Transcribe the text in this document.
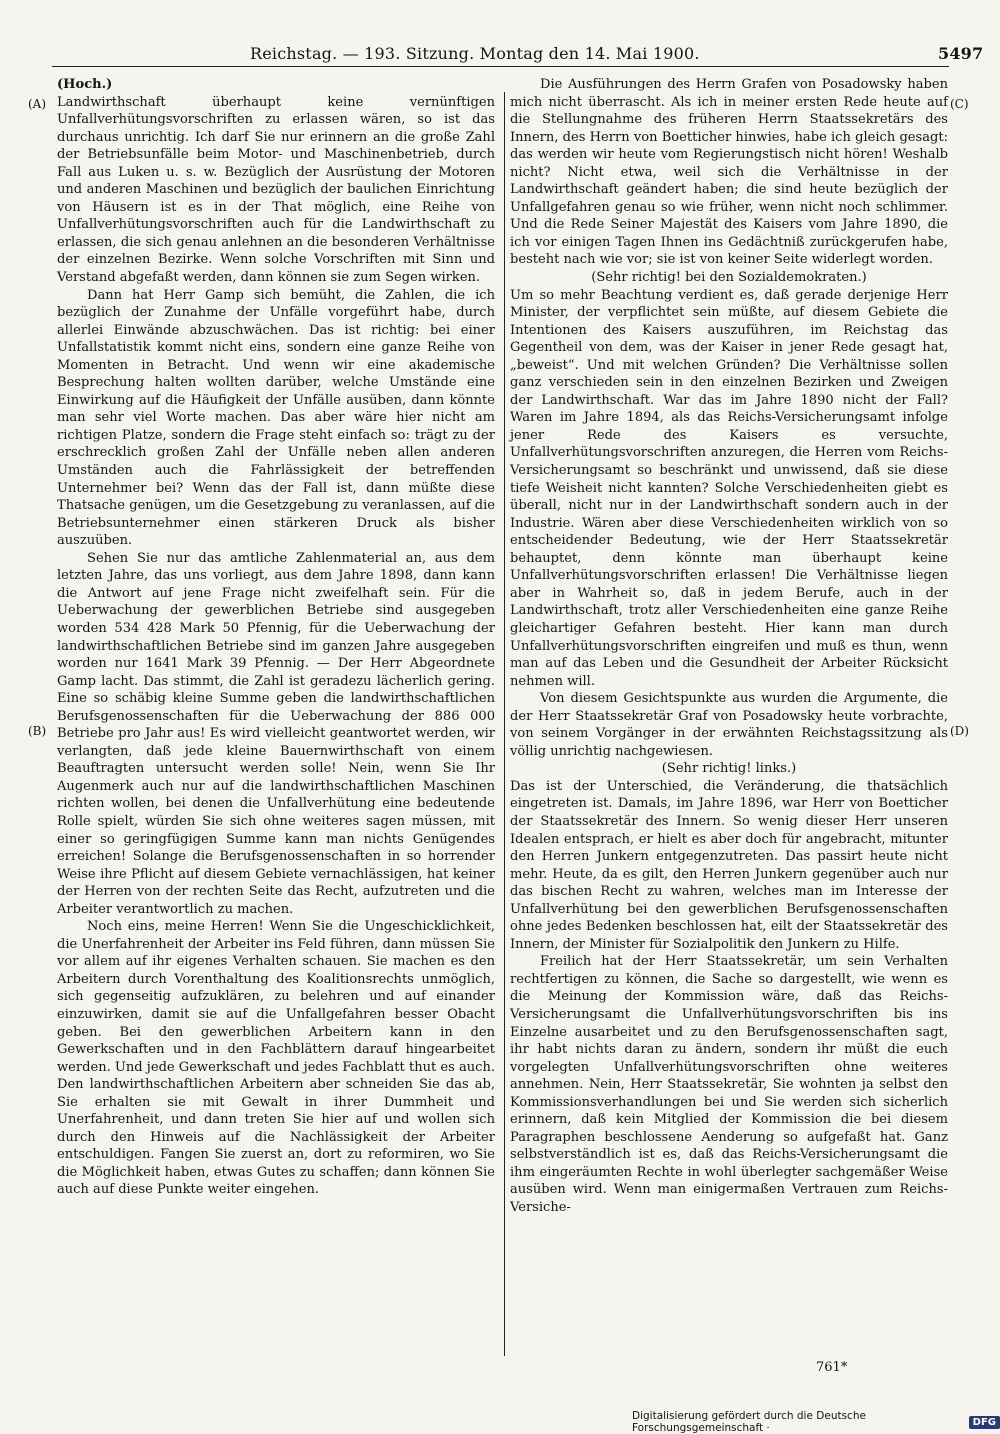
Reichstag. — 193. Sitzung. Montag den 14. Mai 1900.	5497
(A)
(B)
(C)
(D)

(Hoch.)

Landwirthschaft überhaupt keine vernünftigen Unfallverhütungsvorschriften zu erlassen wären, so ist das durchaus unrichtig. Ich darf Sie nur erinnern an die große Zahl der Betriebsunfälle beim Motor- und Maschinenbetrieb, durch Fall aus Luken u. s. w. Bezüglich der Ausrüstung der Motoren und anderen Maschinen und bezüglich der baulichen Einrichtung von Häusern ist es in der That möglich, eine Reihe von Unfallverhütungsvorschriften auch für die Landwirthschaft zu erlassen, die sich genau anlehnen an die besonderen Verhältnisse der einzelnen Bezirke. Wenn solche Vorschriften mit Sinn und Verstand abgefaßt werden, dann können sie zum Segen wirken.

Dann hat Herr Gamp sich bemüht, die Zahlen, die ich bezüglich der Zunahme der Unfälle vorgeführt habe, durch allerlei Einwände abzuschwächen. Das ist richtig: bei einer Unfallstatistik kommt nicht eins, sondern eine ganze Reihe von Momenten in Betracht. Und wenn wir eine akademische Besprechung halten wollten darüber, welche Umstände eine Einwirkung auf die Häufigkeit der Unfälle ausüben, dann könnte man sehr viel Worte machen. Das aber wäre hier nicht am richtigen Platze, sondern die Frage steht einfach so: trägt zu der erschrecklich großen Zahl der Unfälle neben allen anderen Umständen auch die Fahrlässigkeit der betreffenden Unternehmer bei? Wenn das der Fall ist, dann müßte diese Thatsache genügen, um die Gesetzgebung zu veranlassen, auf die Betriebsunternehmer einen stärkeren Druck als bisher auszuüben.

Sehen Sie nur das amtliche Zahlenmaterial an, aus dem letzten Jahre, das uns vorliegt, aus dem Jahre 1898, dann kann die Antwort auf jene Frage nicht zweifelhaft sein. Für die Ueberwachung der gewerblichen Betriebe sind ausgegeben worden 534 428 Mark 50 Pfennig, für die Ueberwachung der landwirthschaftlichen Betriebe sind im ganzen Jahre ausgegeben worden nur 1641 Mark 39 Pfennig. — Der Herr Abgeordnete Gamp lacht. Das stimmt, die Zahl ist geradezu lächerlich gering. Eine so schäbig kleine Summe geben die landwirthschaftlichen Berufsgenossenschaften für die Ueberwachung der 886 000 Betriebe pro Jahr aus! Es wird vielleicht geantwortet werden, wir verlangten, daß jede kleine Bauernwirthschaft von einem Beauftragten untersucht werden solle! Nein, wenn Sie Ihr Augenmerk auch nur auf die landwirthschaftlichen Maschinen richten wollen, bei denen die Unfallverhütung eine bedeutende Rolle spielt, würden Sie sich ohne weiteres sagen müssen, mit einer so geringfügigen Summe kann man nichts Genügendes erreichen! Solange die Berufsgenossenschaften in so horrender Weise ihre Pflicht auf diesem Gebiete vernachlässigen, hat keiner der Herren von der rechten Seite das Recht, aufzutreten und die Arbeiter verantwortlich zu machen.

Noch eins, meine Herren! Wenn Sie die Ungeschicklichkeit, die Unerfahrenheit der Arbeiter ins Feld führen, dann müssen Sie vor allem auf ihr eigenes Verhalten schauen. Sie machen es den Arbeitern durch Vorenthaltung des Koalitionsrechts unmöglich, sich gegenseitig aufzuklären, zu belehren und auf einander einzuwirken, damit sie auf die Unfallgefahren besser Obacht geben. Bei den gewerblichen Arbeitern kann in den Gewerkschaften und in den Fachblättern darauf hingearbeitet werden. Und jede Gewerkschaft und jedes Fachblatt thut es auch. Den landwirthschaftlichen Arbeitern aber schneiden Sie das ab, Sie erhalten sie mit Gewalt in ihrer Dummheit und Unerfahrenheit, und dann treten Sie hier auf und wollen sich durch den Hinweis auf die Nachlässigkeit der Arbeiter entschuldigen. Fangen Sie zuerst an, dort zu reformiren, wo Sie die Möglichkeit haben, etwas Gutes zu schaffen; dann können Sie auch auf diese Punkte weiter eingehen.

Die Ausführungen des Herrn Grafen von Posadowsky haben mich nicht überrascht. Als ich in meiner ersten Rede heute auf die Stellungnahme des früheren Herrn Staatssekretärs des Innern, des Herrn von Boetticher hinwies, habe ich gleich gesagt: das werden wir heute vom Regierungstisch nicht hören! Weshalb nicht? Nicht etwa, weil sich die Verhältnisse in der Landwirthschaft geändert haben; die sind heute bezüglich der Unfallgefahren genau so wie früher, wenn nicht noch schlimmer. Und die Rede Seiner Majestät des Kaisers vom Jahre 1890, die ich vor einigen Tagen Ihnen ins Gedächtniß zurückgerufen habe, besteht nach wie vor; sie ist von keiner Seite widerlegt worden.

(Sehr richtig! bei den Sozialdemokraten.)

Um so mehr Beachtung verdient es, daß gerade derjenige Herr Minister, der verpflichtet sein müßte, auf diesem Gebiete die Intentionen des Kaisers auszuführen, im Reichstag das Gegentheil von dem, was der Kaiser in jener Rede gesagt hat, „beweist“. Und mit welchen Gründen? Die Verhältnisse sollen ganz verschieden sein in den einzelnen Bezirken und Zweigen der Landwirthschaft. War das im Jahre 1890 nicht der Fall? Waren im Jahre 1894, als das Reichs-Versicherungsamt infolge jener Rede des Kaisers es versuchte, Unfallverhütungsvorschriften anzuregen, die Herren vom Reichs-Versicherungsamt so beschränkt und unwissend, daß sie diese tiefe Weisheit nicht kannten? Solche Verschiedenheiten giebt es überall, nicht nur in der Landwirthschaft sondern auch in der Industrie. Wären aber diese Verschiedenheiten wirklich von so entscheidender Bedeutung, wie der Herr Staatssekretär behauptet, denn könnte man überhaupt keine Unfallverhütungsvorschriften erlassen! Die Verhältnisse liegen aber in Wahrheit so, daß in jedem Berufe, auch in der Landwirthschaft, trotz aller Verschiedenheiten eine ganze Reihe gleichartiger Gefahren besteht. Hier kann man durch Unfallverhütungsvorschriften eingreifen und muß es thun, wenn man auf das Leben und die Gesundheit der Arbeiter Rücksicht nehmen will.

Von diesem Gesichtspunkte aus wurden die Argumente, die der Herr Staatssekretär Graf von Posadowsky heute vorbrachte, von seinem Vorgänger in der erwähnten Reichstagssitzung als völlig unrichtig nachgewiesen.

(Sehr richtig! links.)

Das ist der Unterschied, die Veränderung, die thatsächlich eingetreten ist. Damals, im Jahre 1896, war Herr von Boetticher der Staatssekretär des Innern. So wenig dieser Herr unseren Idealen entsprach, er hielt es aber doch für angebracht, mitunter den Herren Junkern entgegenzutreten. Das passirt heute nicht mehr. Heute, da es gilt, den Herren Junkern gegenüber auch nur das bischen Recht zu wahren, welches man im Interesse der Unfallverhütung bei den gewerblichen Berufsgenossenschaften ohne jedes Bedenken beschlossen hat, eilt der Staatssekretär des Innern, der Minister für Sozialpolitik den Junkern zu Hilfe.

Freilich hat der Herr Staatssekretär, um sein Verhalten rechtfertigen zu können, die Sache so dargestellt, wie wenn es die Meinung der Kommission wäre, daß das Reichs-Versicherungsamt die Unfallverhütungsvorschriften bis ins Einzelne ausarbeitet und zu den Berufsgenossenschaften sagt, ihr habt nichts daran zu ändern, sondern ihr müßt die euch vorgelegten Unfallverhütungsvorschriften ohne weiteres annehmen. Nein, Herr Staatssekretär, Sie wohnten ja selbst den Kommissionsverhandlungen bei und Sie werden sich sicherlich erinnern, daß kein Mitglied der Kommission die bei diesem Paragraphen beschlossene Aenderung so aufgefaßt hat. Ganz selbstverständlich ist es, daß das Reichs-Versicherungsamt die ihm eingeräumten Rechte in wohl überlegter sachgemäßer Weise ausüben wird. Wenn man einigermaßen Vertrauen zum Reichs-Versiche-

761*
Digitalisierung gefördert durch die Deutsche Forschungsgemeinschaft ·	DFG
